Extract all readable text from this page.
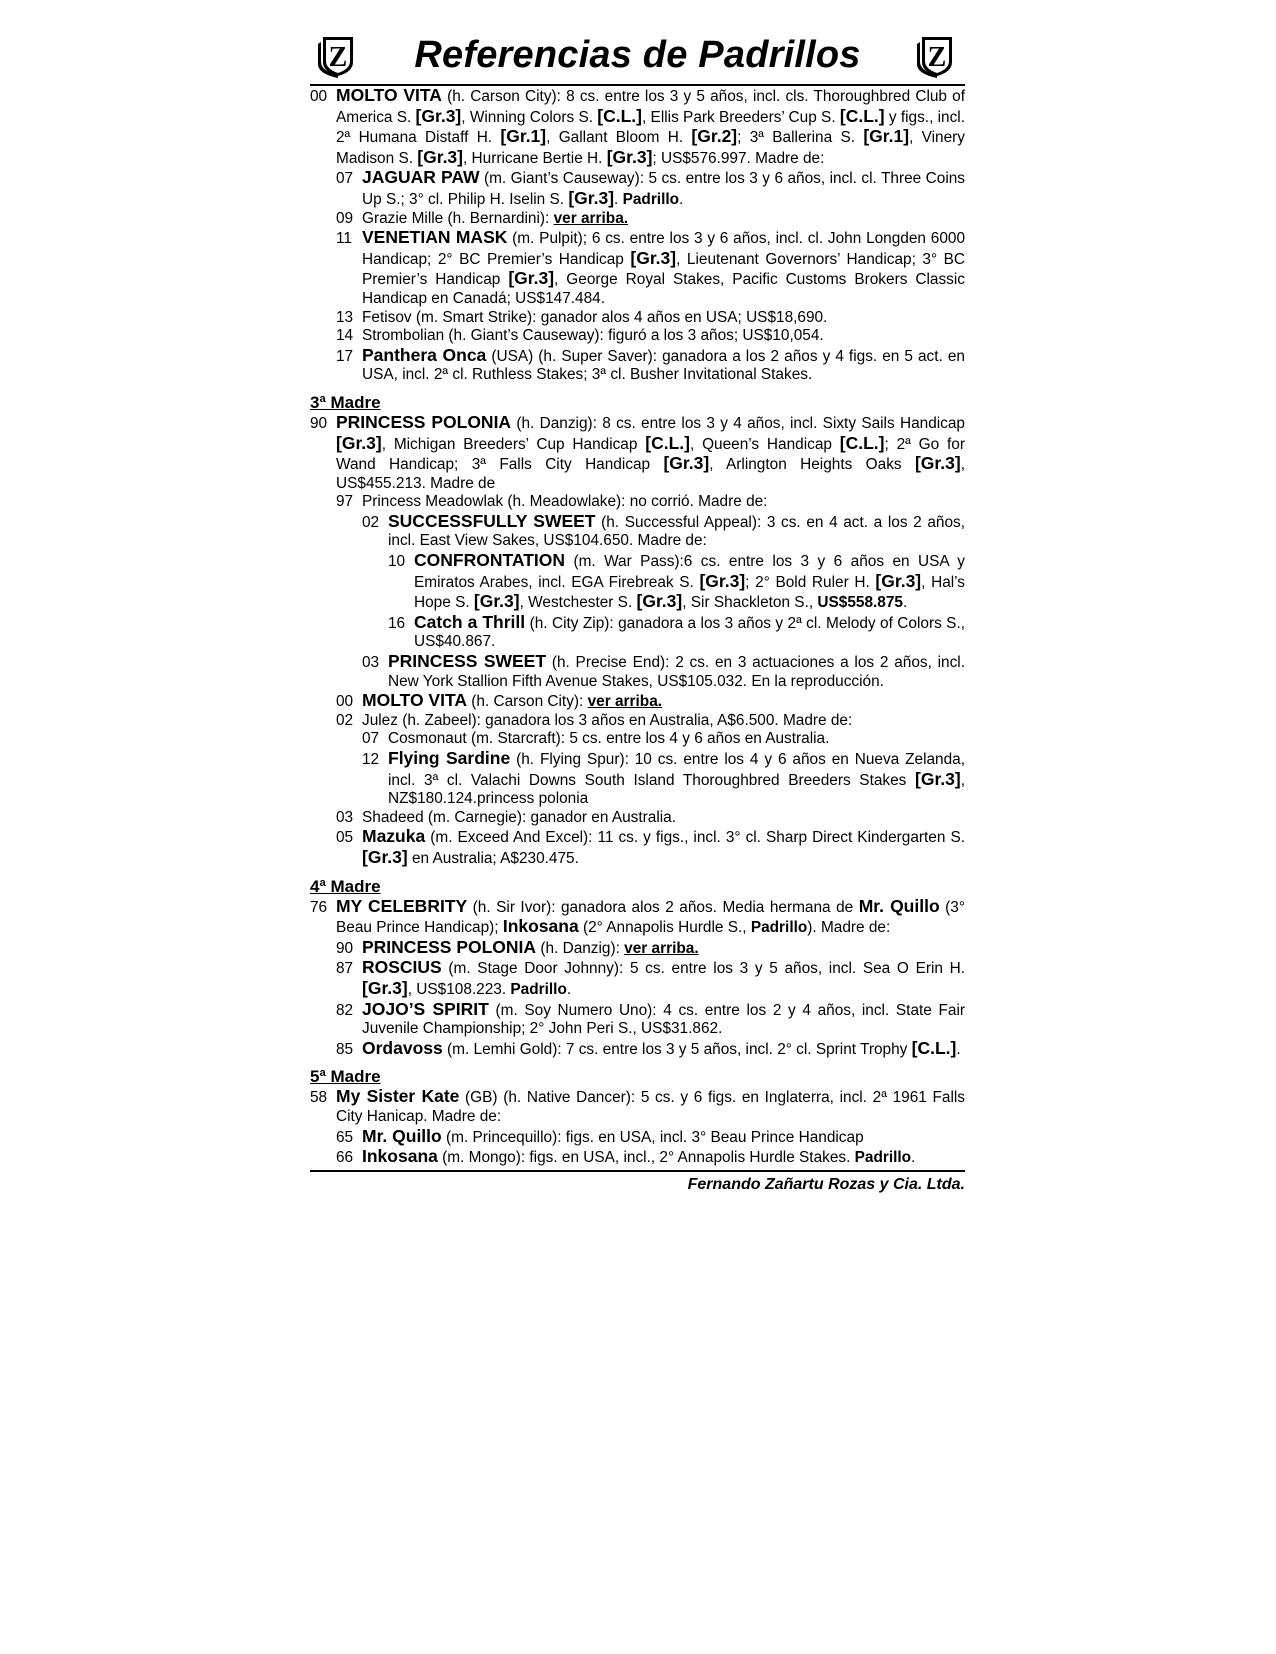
Z	Referencias de Padrillos	Z
00 MOLTO VITA (h. Carson City): 8 cs. entre los 3 y 5 años, incl. cls. Thoroughbred Club of America S. [Gr.3], Winning Colors S. [C.L.], Ellis Park Breeders’ Cup S. [C.L.] y figs., incl. 2ª Humana Distaff H. [Gr.1], Gallant Bloom H. [Gr.2]; 3ª Ballerina S. [Gr.1], Vinery Madison S. [Gr.3], Hurricane Bertie H. [Gr.3]; US$576.997. Madre de:
07 JAGUAR PAW (m. Giant’s Causeway): 5 cs. entre los 3 y 6 años, incl. cl. Three Coins Up S.; 3° cl. Philip H. Iselin S. [Gr.3]. Padrillo.
09 Grazie Mille (h. Bernardini): ver arriba.
11 VENETIAN MASK (m. Pulpit); 6 cs. entre los 3 y 6 años, incl. cl. John Longden 6000 Handicap; 2° BC Premier’s Handicap [Gr.3], Lieutenant Governors’ Handicap; 3° BC Premier’s Handicap [Gr.3], George Royal Stakes, Pacific Customs Brokers Classic Handicap en Canadá; US$147.484.
13 Fetisov (m. Smart Strike): ganador alos 4 años en USA; US$18,690.
14 Strombolian (h. Giant’s Causeway): figuró a los 3 años; US$10,054.
17 Panthera Onca (USA) (h. Super Saver): ganadora a los 2 años y 4 figs. en 5 act. en USA, incl. 2ª cl. Ruthless Stakes; 3ª cl. Busher Invitational Stakes.
3ª Madre
90 PRINCESS POLONIA (h. Danzig): 8 cs. entre los 3 y 4 años, incl. Sixty Sails Handicap [Gr.3], Michigan Breeders’ Cup Handicap [C.L.], Queen’s Handicap [C.L.]; 2ª Go for Wand Handicap; 3ª Falls City Handicap [Gr.3], Arlington Heights Oaks [Gr.3], US$455.213. Madre de
97 Princess Meadowlak (h. Meadowlake): no corrió. Madre de:
02 SUCCESSFULLY SWEET (h. Successful Appeal): 3 cs. en 4 act. a los 2 años, incl. East View Sakes, US$104.650. Madre de:
10 CONFRONTATION (m. War Pass):6 cs. entre los 3 y 6 años en USA y Emiratos Arabes, incl. EGA Firebreak S. [Gr.3]; 2° Bold Ruler H. [Gr.3], Hal’s Hope S. [Gr.3], Westchester S. [Gr.3], Sir Shackleton S., US$558.875.
16 Catch a Thrill (h. City Zip): ganadora a los 3 años y 2ª cl. Melody of Colors S., US$40.867.
03 PRINCESS SWEET (h. Precise End): 2 cs. en 3 actuaciones a los 2 años, incl. New York Stallion Fifth Avenue Stakes, US$105.032. En la reproducción.
00 MOLTO VITA (h. Carson City): ver arriba.
02 Julez (h. Zabeel): ganadora los 3 años en Australia, A$6.500. Madre de:
07 Cosmonaut (m. Starcraft): 5 cs. entre los 4 y 6 años en Australia.
12 Flying Sardine (h. Flying Spur): 10 cs. entre los 4 y 6 años en Nueva Zelanda, incl. 3ª cl. Valachi Downs South Island Thoroughbred Breeders Stakes [Gr.3], NZ$180.124.princess polonia
03 Shadeed (m. Carnegie): ganador en Australia.
05 Mazuka (m. Exceed And Excel): 11 cs. y figs., incl. 3° cl. Sharp Direct Kindergarten S. [Gr.3] en Australia; A$230.475.
4ª Madre
76 MY CELEBRITY (h. Sir Ivor): ganadora alos 2 años. Media hermana de Mr. Quillo (3° Beau Prince Handicap); Inkosana (2° Annapolis Hurdle S., Padrillo). Madre de:
90 PRINCESS POLONIA (h. Danzig): ver arriba.
87 ROSCIUS (m. Stage Door Johnny): 5 cs. entre los 3 y 5 años, incl. Sea O Erin H. [Gr.3], US$108.223. Padrillo.
82 JOJO’S SPIRIT (m. Soy Numero Uno): 4 cs. entre los 2 y 4 años, incl. State Fair Juvenile Championship; 2° John Peri S., US$31.862.
85 Ordavoss (m. Lemhi Gold): 7 cs. entre los 3 y 5 años, incl. 2° cl. Sprint Trophy [C.L.].
5ª Madre
58 My Sister Kate (GB) (h. Native Dancer): 5 cs. y 6 figs. en Inglaterra, incl. 2ª 1961 Falls City Hanicap. Madre de:
65 Mr. Quillo (m. Princequillo): figs. en USA, incl. 3° Beau Prince Handicap
66 Inkosana (m. Mongo): figs. en USA, incl., 2° Annapolis Hurdle Stakes. Padrillo.
Fernando Zañartu Rozas y Cia. Ltda.
